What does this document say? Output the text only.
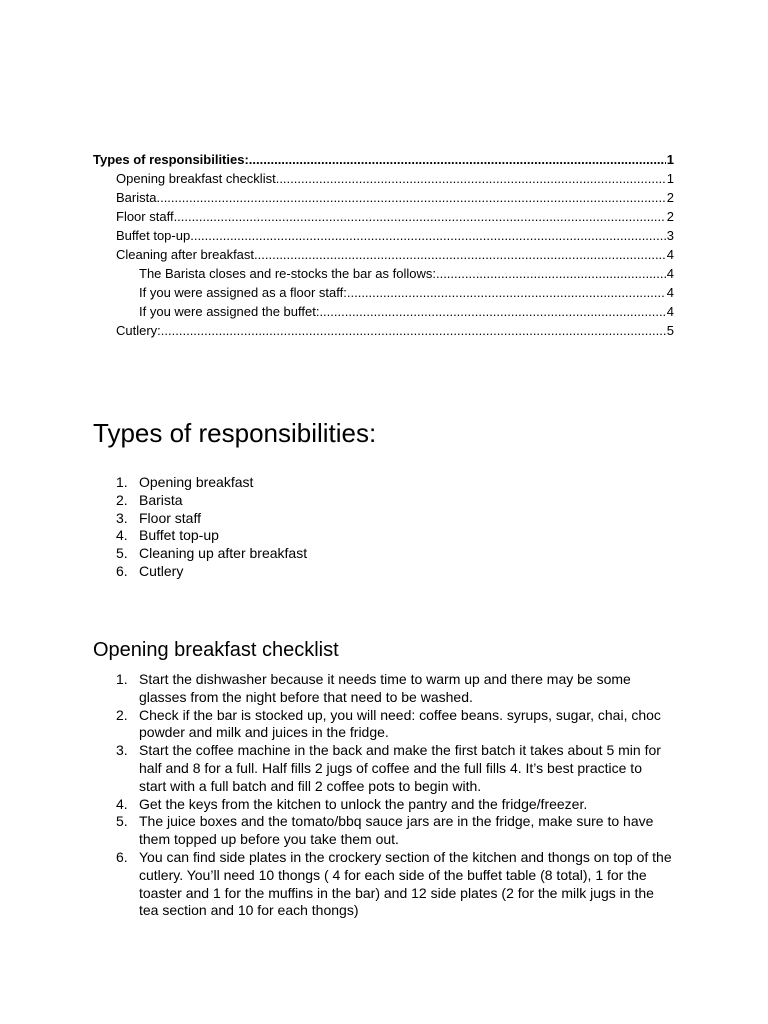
Types of responsibilities: .....	1
Opening breakfast checklist .....	1
Barista .....	2
Floor staff .....	2
Buffet top-up .....	3
Cleaning after breakfast .....	4
The Barista closes and re-stocks the bar as follows: .....	4
If you were assigned as a floor staff: .....	4
If you were assigned the buffet: .....	4
Cutlery: .....	5
Types of responsibilities:
1. Opening breakfast
2. Barista
3. Floor staff
4. Buffet top-up
5. Cleaning up after breakfast
6. Cutlery
Opening breakfast checklist
1. Start the dishwasher because it needs time to warm up and there may be some glasses from the night before that need to be washed.
2. Check if the bar is stocked up, you will need: coffee beans. syrups, sugar, chai, choc powder and milk and juices in the fridge.
3. Start the coffee machine in the back and make the first batch it takes about 5 min for half and 8 for a full. Half fills 2 jugs of coffee and the full fills 4. It’s best practice to start with a full batch and fill 2 coffee pots to begin with.
4. Get the keys from the kitchen to unlock the pantry and the fridge/freezer.
5. The juice boxes and the tomato/bbq sauce jars are in the fridge, make sure to have them topped up before you take them out.
6. You can find side plates in the crockery section of the kitchen and thongs on top of the cutlery. You’ll need 10 thongs ( 4 for each side of the buffet table (8 total), 1 for the toaster and 1 for the muffins in the bar) and 12 side plates (2 for the milk jugs in the tea section and 10 for each thongs)
